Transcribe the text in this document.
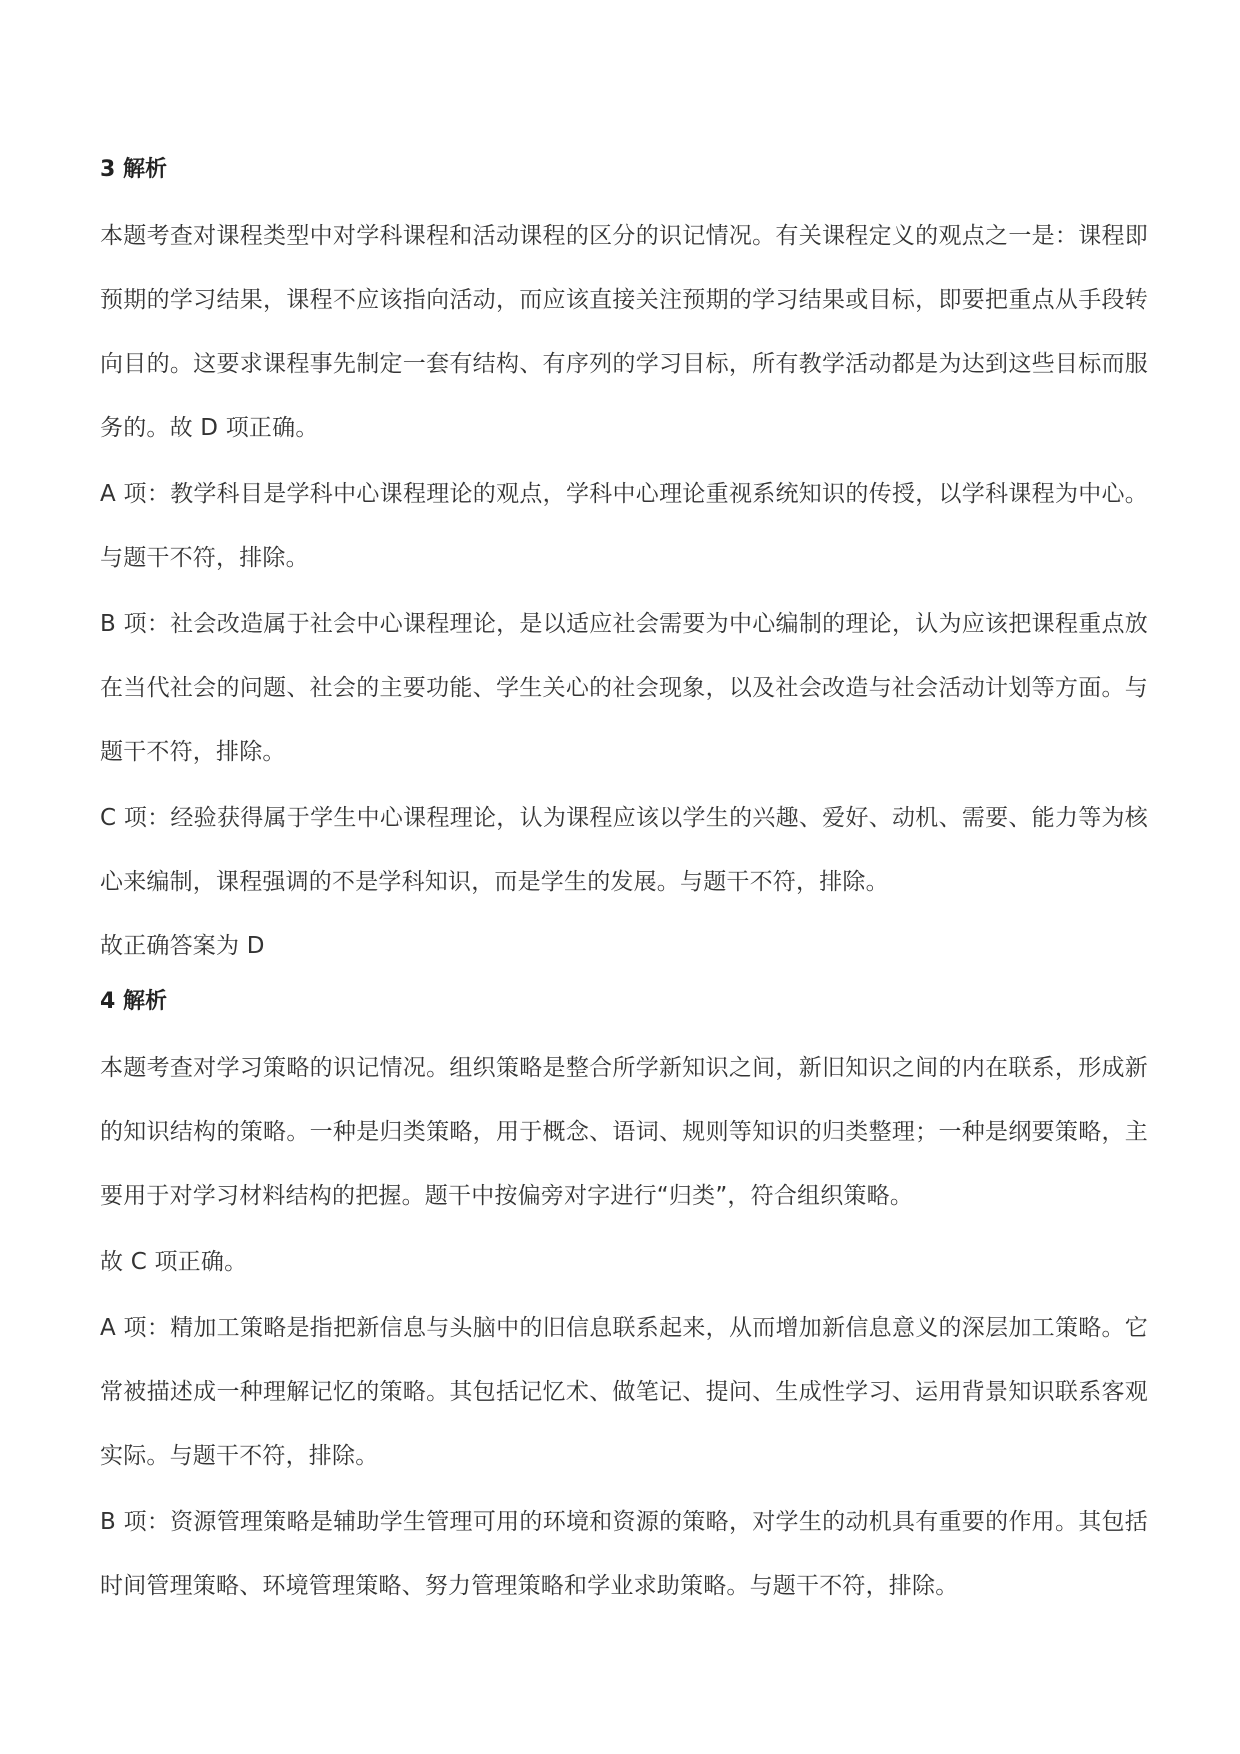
3 解析

本题考查对课程类型中对学科课程和活动课程的区分的识记情况。有关课程定义的观点之一是：课程即预期的学习结果，课程不应该指向活动，而应该直接关注预期的学习结果或目标，即要把重点从手段转向目的。这要求课程事先制定一套有结构、有序列的学习目标，所有教学活动都是为达到这些目标而服务的。故 D 项正确。

A 项：教学科目是学科中心课程理论的观点，学科中心理论重视系统知识的传授，以学科课程为中心。与题干不符，排除。

B 项：社会改造属于社会中心课程理论，是以适应社会需要为中心编制的理论，认为应该把课程重点放在当代社会的问题、社会的主要功能、学生关心的社会现象，以及社会改造与社会活动计划等方面。与题干不符，排除。

C 项：经验获得属于学生中心课程理论，认为课程应该以学生的兴趣、爱好、动机、需要、能力等为核心来编制，课程强调的不是学科知识，而是学生的发展。与题干不符，排除。

故正确答案为 D

4 解析

本题考查对学习策略的识记情况。组织策略是整合所学新知识之间，新旧知识之间的内在联系，形成新的知识结构的策略。一种是归类策略，用于概念、语词、规则等知识的归类整理；一种是纲要策略，主要用于对学习材料结构的把握。题干中按偏旁对字进行“归类”，符合组织策略。

故 C 项正确。

A 项：精加工策略是指把新信息与头脑中的旧信息联系起来，从而增加新信息意义的深层加工策略。它常被描述成一种理解记忆的策略。其包括记忆术、做笔记、提问、生成性学习、运用背景知识联系客观实际。与题干不符，排除。

B 项：资源管理策略是辅助学生管理可用的环境和资源的策略，对学生的动机具有重要的作用。其包括时间管理策略、环境管理策略、努力管理策略和学业求助策略。与题干不符，排除。
